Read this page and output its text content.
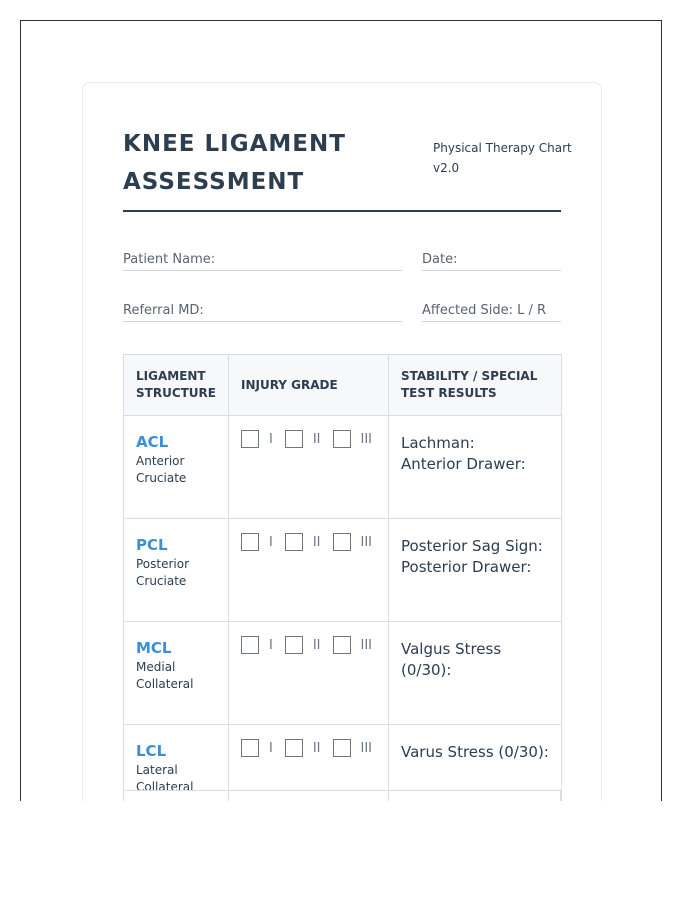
KNEE LIGAMENT ASSESSMENT
Physical Therapy Chart v2.0
Patient Name:	Date:
Referral MD:	Affected Side: L / R
LIGAMENT STRUCTURE	INJURY GRADE	STABILITY / SPECIAL TEST RESULTS

ACL
Anterior Cruciate	I II III	Lachman:
Anterior Drawer:

PCL
Posterior Cruciate	I II III	Posterior Sag Sign:
Posterior Drawer:

MCL
Medial Collateral	I II III	Valgus Stress (0/30):

LCL
Lateral Collateral	I II III	Varus Stress (0/30):
